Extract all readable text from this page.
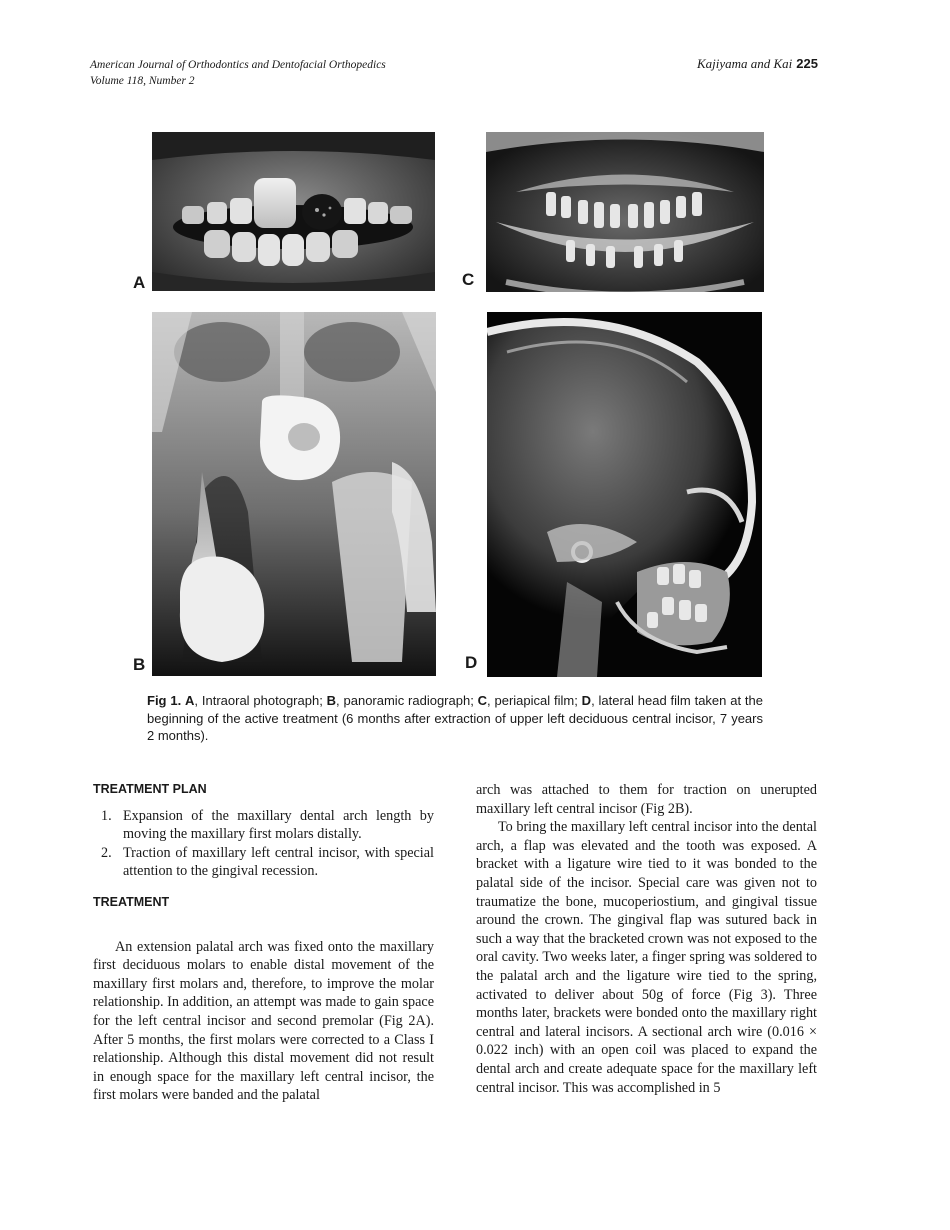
American Journal of Orthodontics and Dentofacial Orthopedics
Volume 118, Number 2
Kajiyama and Kai 225
A	C
B	D
Fig 1. A, Intraoral photograph; B, panoramic radiograph; C, periapical film; D, lateral head film taken at the beginning of the active treatment (6 months after extraction of upper left deciduous central incisor, 7 years 2 months).
TREATMENT PLAN
1. Expansion of the maxillary dental arch length by moving the maxillary first molars distally.
2. Traction of maxillary left central incisor, with special attention to the gingival recession.
TREATMENT

An extension palatal arch was fixed onto the maxillary first deciduous molars to enable distal movement of the maxillary first molars and, therefore, to improve the molar relationship. In addition, an attempt was made to gain space for the left central incisor and second premolar (Fig 2A). After 5 months, the first molars were corrected to a Class I relationship. Although this distal movement did not result in enough space for the maxillary left central incisor, the first molars were banded and the palatal

arch was attached to them for traction on unerupted maxillary left central incisor (Fig 2B).

To bring the maxillary left central incisor into the dental arch, a flap was elevated and the tooth was exposed. A bracket with a ligature wire tied to it was bonded to the palatal side of the incisor. Special care was given not to traumatize the bone, mucoperiostium, and gingival tissue around the crown. The gingival flap was sutured back in such a way that the bracketed crown was not exposed to the oral cavity. Two weeks later, a finger spring was soldered to the palatal arch and the ligature wire tied to the spring, activated to deliver about 50g of force (Fig 3). Three months later, brackets were bonded onto the maxillary right central and lateral incisors. A sectional arch wire (0.016 × 0.022 inch) with an open coil was placed to expand the dental arch and create adequate space for the maxillary left central incisor. This was accomplished in 5
